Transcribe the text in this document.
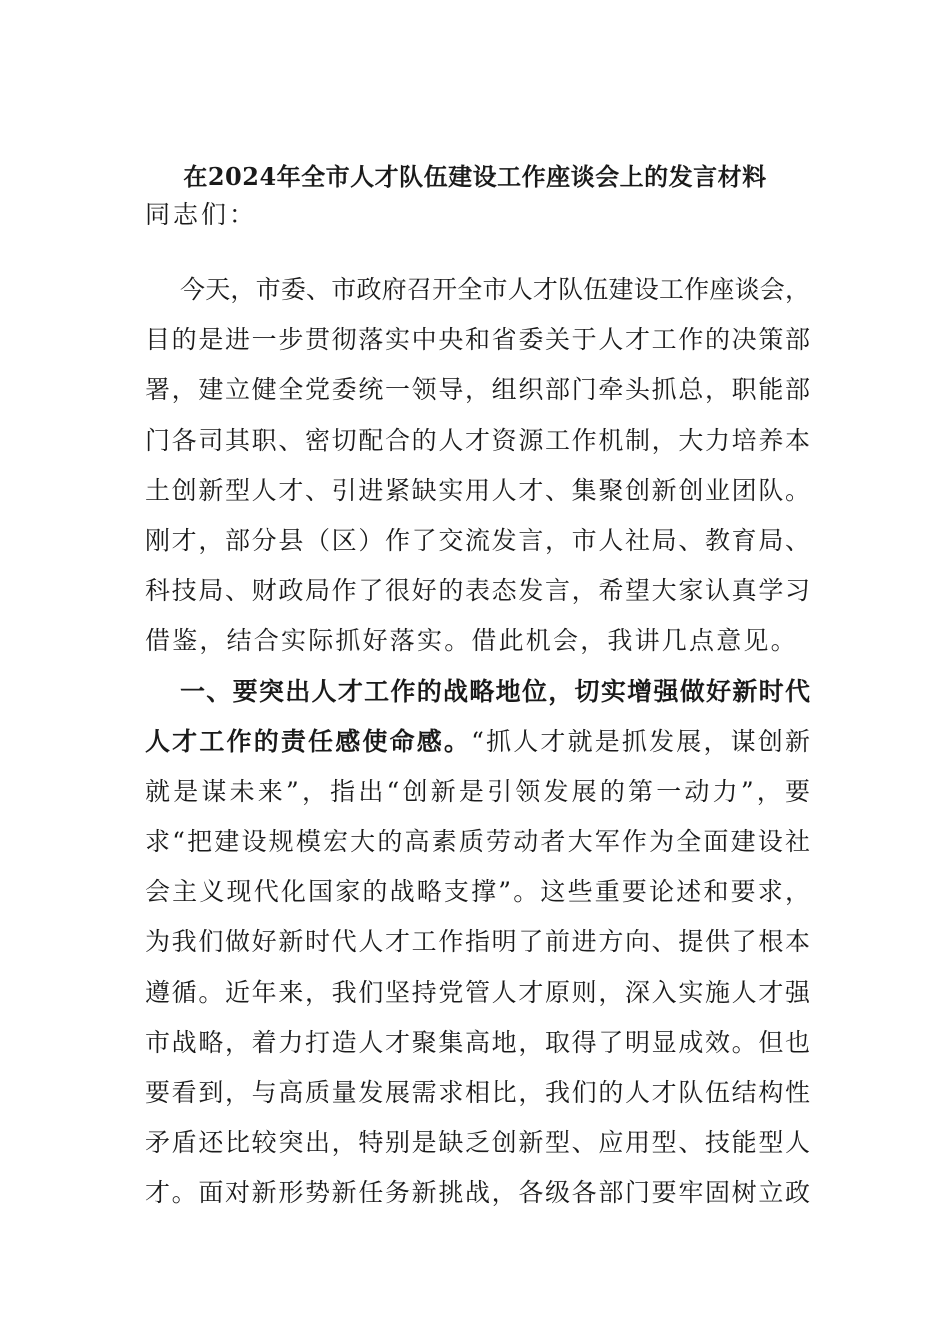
在2024年全市人才队伍建设工作座谈会上的发言材料
同志们：
今天，市委、市政府召开全市人才队伍建设工作座谈会，
目的是进一步贯彻落实中央和省委关于人才工作的决策部
署，建立健全党委统一领导，组织部门牵头抓总，职能部
门各司其职、密切配合的人才资源工作机制，大力培养本
土创新型人才、引进紧缺实用人才、集聚创新创业团队。
刚才，部分县（区）作了交流发言，市人社局、教育局、
科技局、财政局作了很好的表态发言，希望大家认真学习
借鉴，结合实际抓好落实。借此机会，我讲几点意见。
一、要突出人才工作的战略地位，切实增强做好新时代
人才工作的责任感使命感。“抓人才就是抓发展，谋创新
就是谋未来”，指出“创新是引领发展的第一动力”，要
求“把建设规模宏大的高素质劳动者大军作为全面建设社
会主义现代化国家的战略支撑”。这些重要论述和要求，
为我们做好新时代人才工作指明了前进方向、提供了根本
遵循。近年来，我们坚持党管人才原则，深入实施人才强
市战略，着力打造人才聚集高地，取得了明显成效。但也
要看到，与高质量发展需求相比，我们的人才队伍结构性
矛盾还比较突出，特别是缺乏创新型、应用型、技能型人
才。面对新形势新任务新挑战，各级各部门要牢固树立政
